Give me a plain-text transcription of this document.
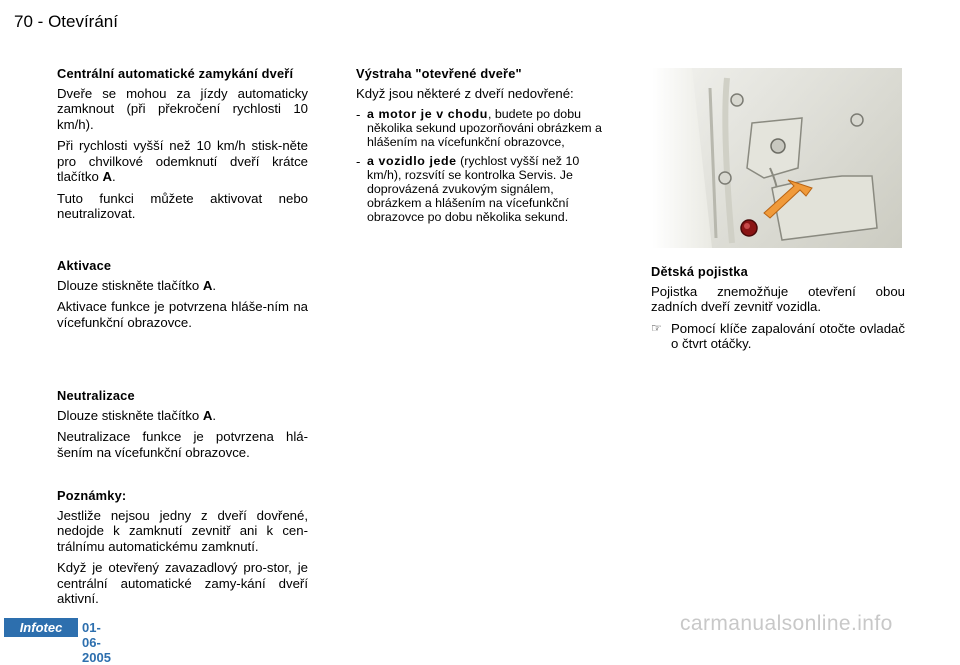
70 - Otevírání
Centrální automatické zamykání dveří

Dveře se mohou za jízdy automaticky zamknout (při překročení rychlosti 10 km/h).

Při rychlosti vyšší než 10 km/h stisk-něte pro chvilkové odemknutí dveří krátce tlačítko A.

Tuto funkci můžete aktivovat nebo neutralizovat.

Aktivace

Dlouze stiskněte tlačítko A.

Aktivace funkce je potvrzena hláše-ním na vícefunkční obrazovce.

Neutralizace

Dlouze stiskněte tlačítko A.

Neutralizace funkce je potvrzena hlá-šením na vícefunkční obrazovce.

Poznámky:

Jestliže nejsou jedny z dveří dovřené, nedojde k zamknutí zevnitř ani k cen-trálnímu automatickému zamknutí.

Když je otevřený zavazadlový pro-stor, je centrální automatické zamy-kání dveří aktivní.

Výstraha "otevřené dveře"

Když jsou některé z dveří nedovřené:

- a motor je v chodu, budete po dobu několika sekund upozorňováni obrázkem a hlášením na vícefunkční obrazovce,
- a vozidlo jede (rychlost vyšší než 10 km/h), rozsvítí se kontrolka Servis. Je doprovázená zvukovým signálem, obrázkem a hlášením na vícefunkční obrazovce po dobu několika sekund.
Dětská pojistka

Pojistka znemožňuje otevření obou zadních dveří zevnitř vozidla.

☞ Pomocí klíče zapalování otočte ovladač o čtvrt otáčky.

Infotec	01-06-2005
carmanualsonline.info
